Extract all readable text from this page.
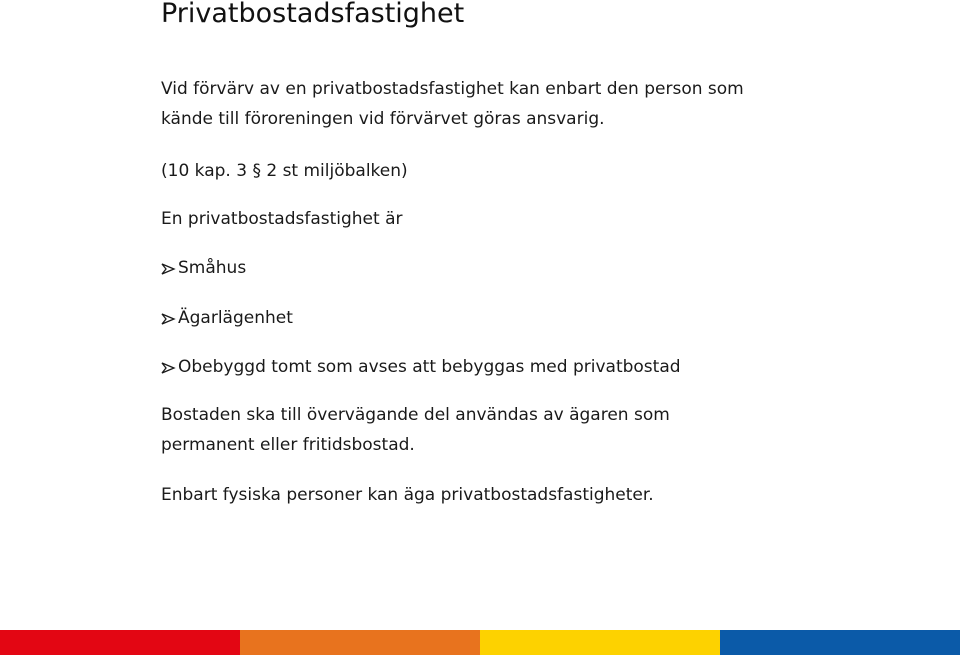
Privatbostadsfastighet

Vid förvärv av en privatbostadsfastighet kan enbart den person som
kände till föroreningen vid förvärvet göras ansvarig.

(10 kap. 3 § 2 st miljöbalken)

En privatbostadsfastighet är

Småhus
Ägarlägenhet
Obebyggd tomt som avses att bebyggas med privatbostad

Bostaden ska till övervägande del användas av ägaren som
permanent eller fritidsbostad.

Enbart fysiska personer kan äga privatbostadsfastigheter.
